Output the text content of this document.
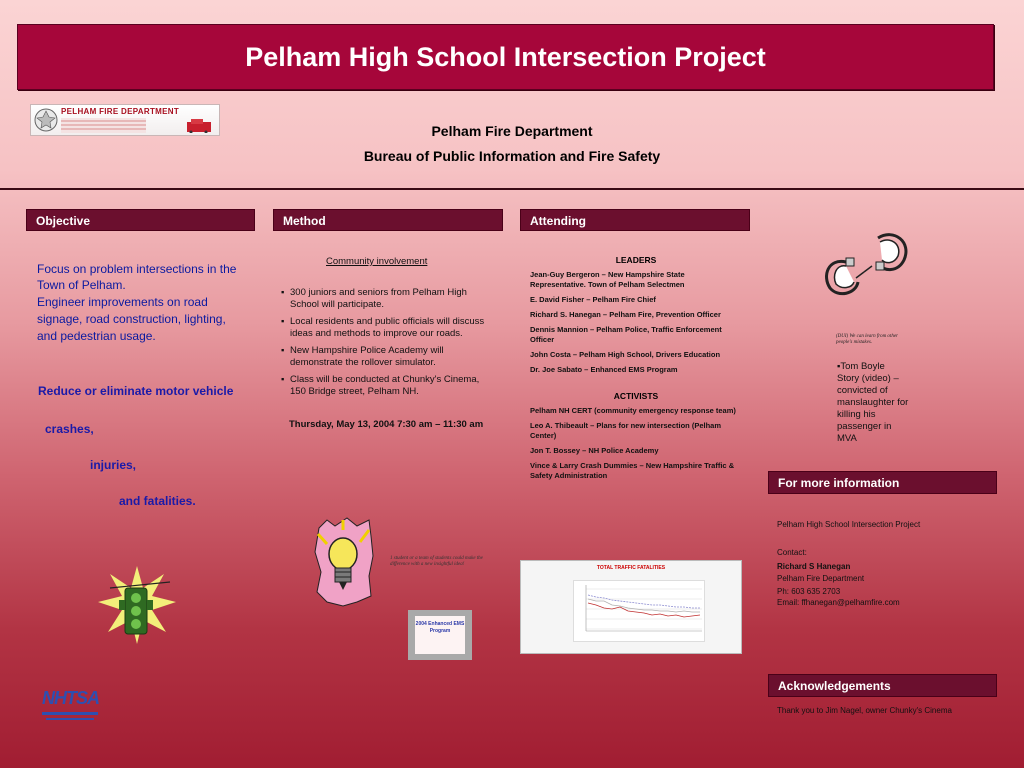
Pelham High School Intersection Project
PELHAM FIRE DEPARTMENT
Pelham Fire Department
Bureau of Public Information and Fire Safety
Objective	Method	Attending
Focus on problem intersections in the Town of Pelham.
Engineer improvements on road signage, road construction, lighting, and pedestrian usage.
Reduce or eliminate motor vehicle
crashes,
injuries,
and fatalities.
NHTSA
Community involvement
▪ 300 juniors and seniors from Pelham High School will participate.
▪ Local residents and public officials will discuss ideas and methods to improve our roads.
▪ New Hampshire Police Academy will demonstrate the rollover simulator.
▪ Class will be conducted at Chunky's Cinema, 150 Bridge street, Pelham NH.
Thursday, May 13, 2004 7:30 am – 11:30 am
1 student or a team of students could make the difference with a new insightful idea!
2004 Enhanced EMS Program
LEADERS
Jean-Guy Bergeron – New Hampshire State Representative. Town of Pelham Selectmen
E. David Fisher – Pelham Fire Chief
Richard S. Hanegan – Pelham Fire, Prevention Officer
Dennis Mannion – Pelham Police, Traffic Enforcement Officer
John Costa – Pelham High School, Drivers Education
Dr. Joe Sabato – Enhanced EMS Program
ACTIVISTS
Pelham NH CERT (community emergency response team)
Leo A. Thibeault – Plans for new intersection (Pelham Center)
Jon T. Bossey – NH Police Academy
Vince & Larry Crash Dummies – New Hampshire Traffic & Safety Administration
TOTAL TRAFFIC FATALITIES
(DUI) We can learn from other people's mistakes.
▪Tom Boyle Story (video) – convicted of manslaughter for killing his passenger in MVA
For more information
Pelham High School Intersection Project
Contact:
Richard S Hanegan
Pelham Fire Department
Ph: 603 635 2703
Email: ffhanegan@pelhamfire.com
Acknowledgements
Thank you to Jim Nagel, owner Chunky's Cinema
